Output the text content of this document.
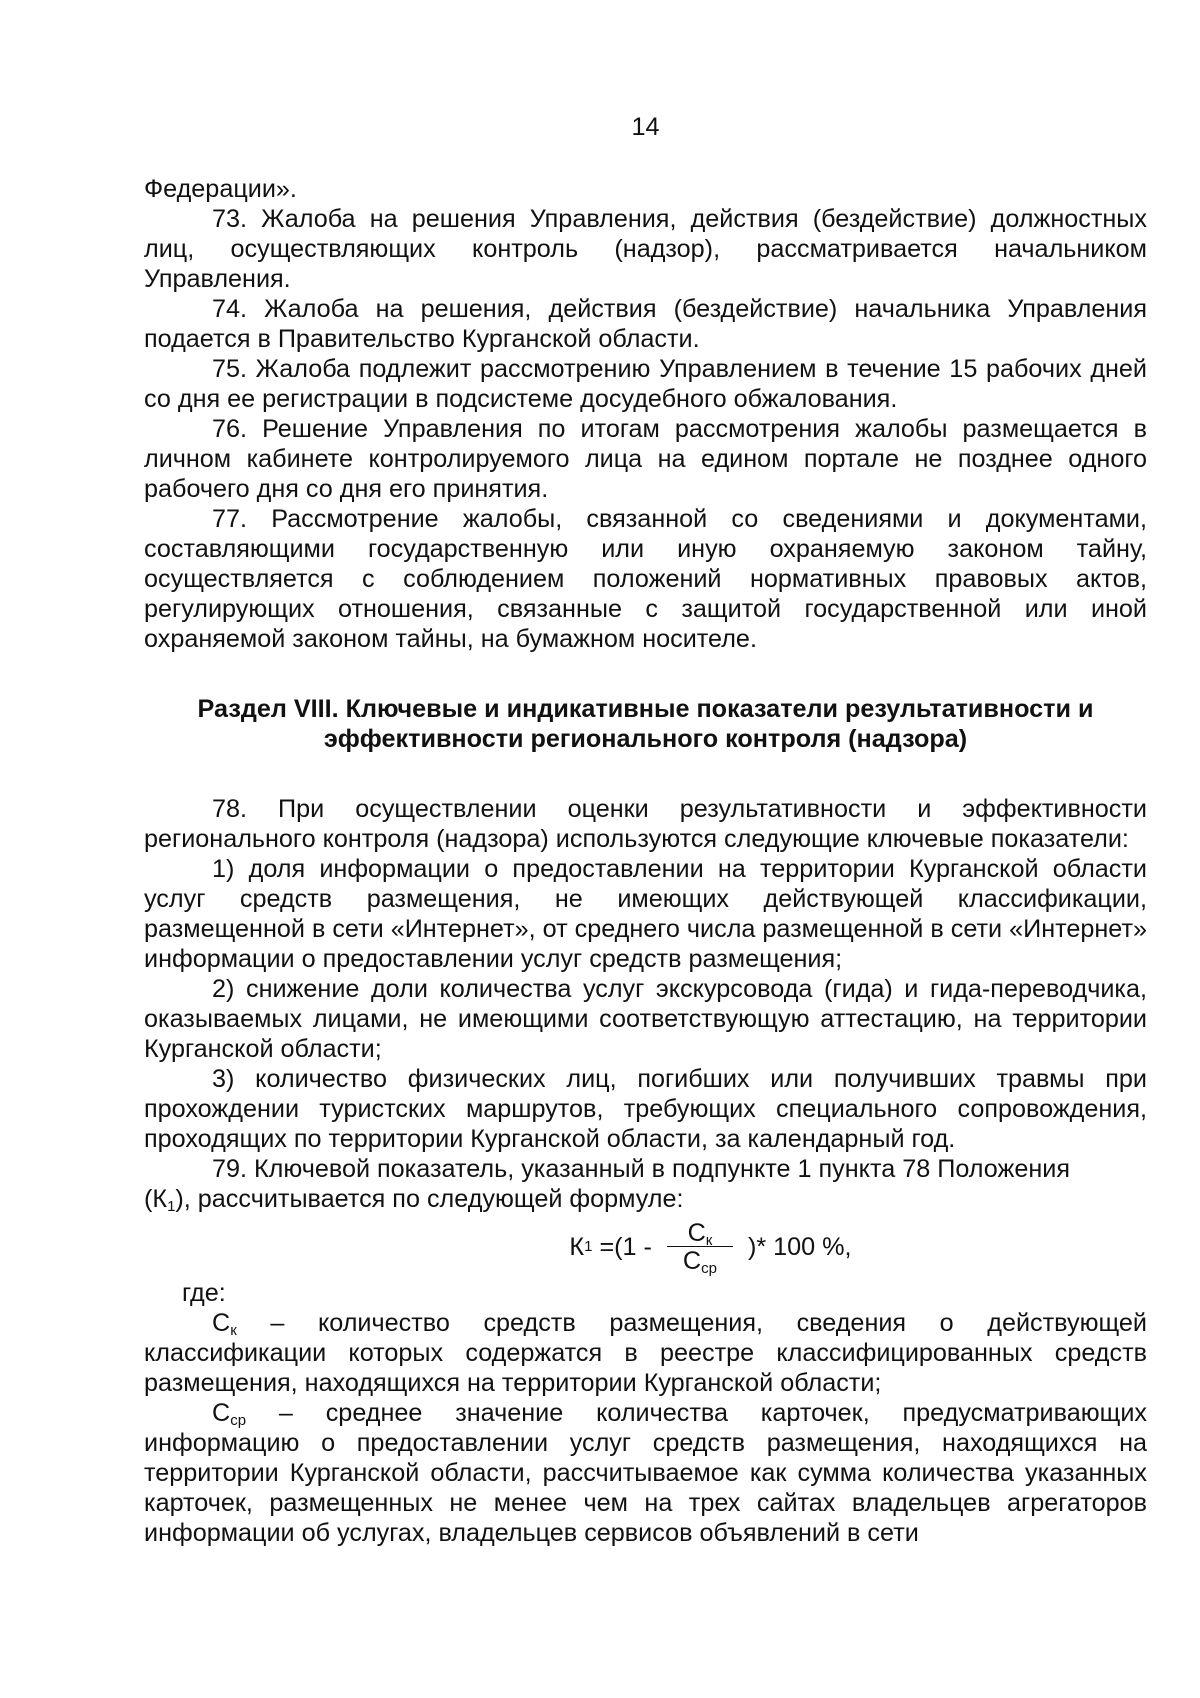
14

Федерации».

73. Жалоба на решения Управления, действия (бездействие) должностных лиц, осуществляющих контроль (надзор), рассматривается начальником Управления.

74. Жалоба на решения, действия (бездействие) начальника Управления подается в Правительство Курганской области.

75. Жалоба подлежит рассмотрению Управлением в течение 15 рабочих дней со дня ее регистрации в подсистеме досудебного обжалования.

76. Решение Управления по итогам рассмотрения жалобы размещается в личном кабинете контролируемого лица на едином портале не позднее одного рабочего дня со дня его принятия.

77. Рассмотрение жалобы, связанной со сведениями и документами, составляющими государственную или иную охраняемую законом тайну, осуществляется с соблюдением положений нормативных правовых актов, регулирующих отношения, связанные с защитой государственной или иной охраняемой законом тайны, на бумажном носителе.

Раздел VIII. Ключевые и индикативные показатели результативности и
эффективности регионального контроля (надзора)

78. При осуществлении оценки результативности и эффективности регионального контроля (надзора) используются следующие ключевые показатели:

1) доля информации о предоставлении на территории Курганской области услуг средств размещения, не имеющих действующей классификации, размещенной в сети «Интернет», от среднего числа размещенной в сети «Интернет» информации о предоставлении услуг средств размещения;

2) снижение доли количества услуг экскурсовода (гида) и гида-переводчика, оказываемых лицами, не имеющими соответствующую аттестацию, на территории Курганской области;

3) количество физических лиц, погибших или получивших травмы при прохождении туристских маршрутов, требующих специального сопровождения, проходящих по территории Курганской области, за календарный год.

79. Ключевой показатель, указанный в подпункте 1 пункта 78 Положения
$(К_1)$, рассчитывается по следующей формуле:

К $1 =(1 - \frac{С_к}{С_{ср}}$ )* 100 %,

где:

$С_к$ – количество средств размещения, сведения о действующей классификации которых содержатся в реестре классифицированных средств размещения, находящихся на территории Курганской области;

$С_{ср}$ – среднее значение количества карточек, предусматривающих информацию о предоставлении услуг средств размещения, находящихся на территории Курганской области, рассчитываемое как сумма количества указанных карточек, размещенных не менее чем на трех сайтах владельцев агрегаторов информации об услугах, владельцев сервисов объявлений в сети
